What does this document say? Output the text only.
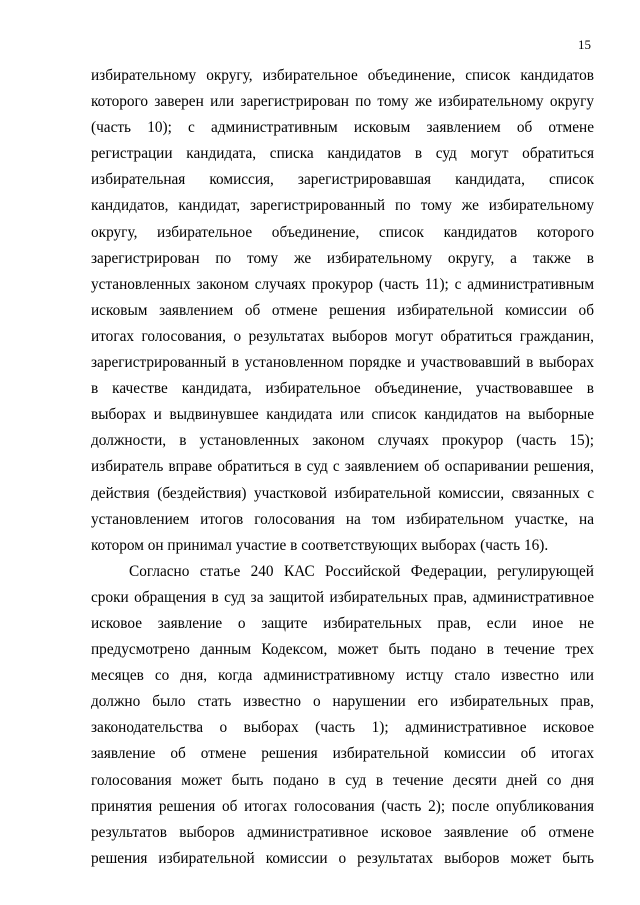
15
избирательному округу, избирательное объединение, список кандидатов
которого заверен или зарегистрирован по тому же избирательному округу
(часть 10); с административным исковым заявлением об отмене
регистрации кандидата, списка кандидатов в суд могут обратиться
избирательная комиссия, зарегистрировавшая кандидата, список
кандидатов, кандидат, зарегистрированный по тому же избирательному
округу, избирательное объединение, список кандидатов которого
зарегистрирован по тому же избирательному округу, а также в
установленных законом случаях прокурор (часть 11); с административным
исковым заявлением об отмене решения избирательной комиссии об
итогах голосования, о результатах выборов могут обратиться гражданин,
зарегистрированный в установленном порядке и участвовавший в выборах
в качестве кандидата, избирательное объединение, участвовавшее в
выборах и выдвинувшее кандидата или список кандидатов на выборные
должности, в установленных законом случаях прокурор (часть 15);
избиратель вправе обратиться в суд с заявлением об оспаривании решения,
действия (бездействия) участковой избирательной комиссии, связанных с
установлением итогов голосования на том избирательном участке, на
котором он принимал участие в соответствующих выборах (часть 16).
Согласно статье 240 КАС Российской Федерации, регулирующей
сроки обращения в суд за защитой избирательных прав, административное
исковое заявление о защите избирательных прав, если иное не
предусмотрено данным Кодексом, может быть подано в течение трех
месяцев со дня, когда административному истцу стало известно или
должно было стать известно о нарушении его избирательных прав,
законодательства о выборах (часть 1); административное исковое
заявление об отмене решения избирательной комиссии об итогах
голосования может быть подано в суд в течение десяти дней со дня
принятия решения об итогах голосования (часть 2); после опубликования
результатов выборов административное исковое заявление об отмене
решения избирательной комиссии о результатах выборов может быть
